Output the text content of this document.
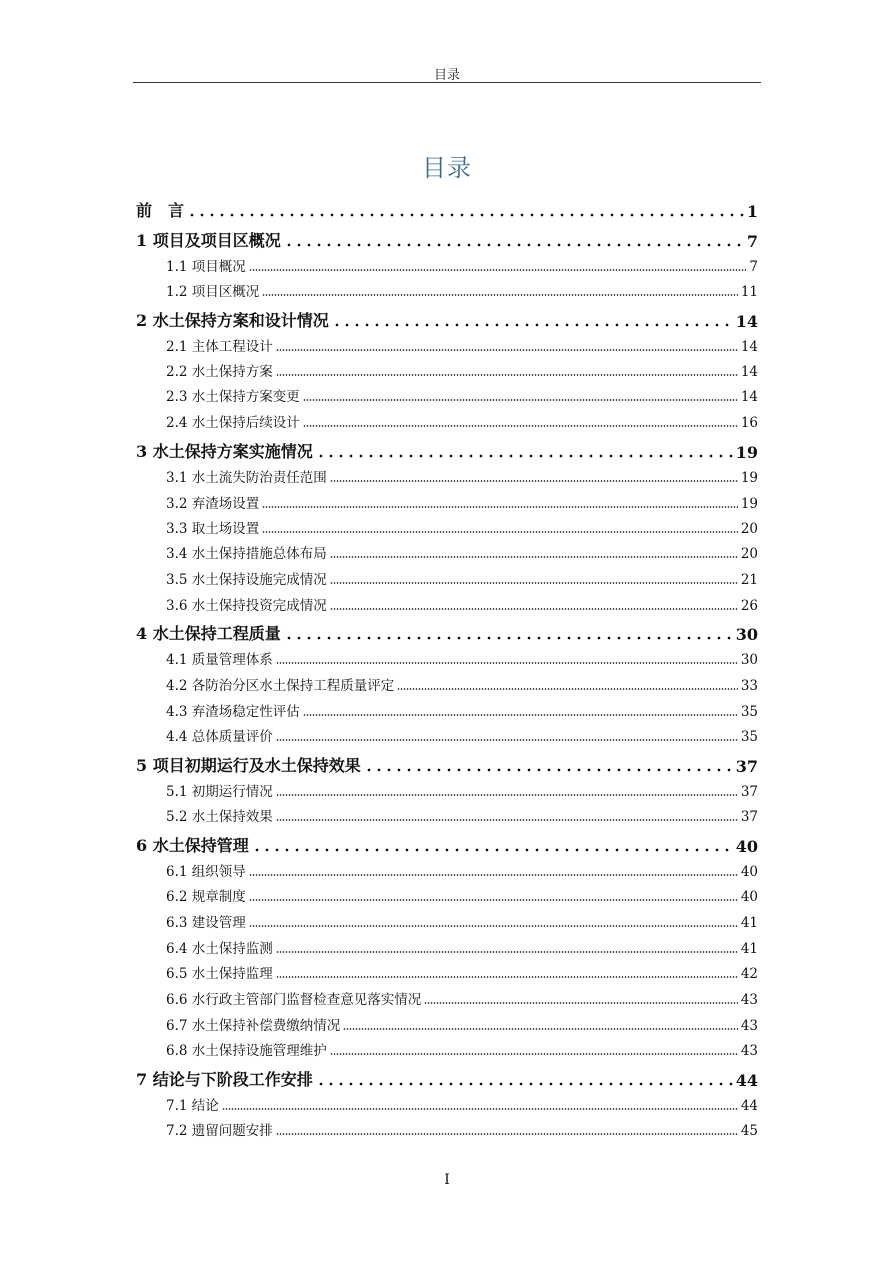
目录
目录
前　言	1
1 项目及项目区概况	7
1.1 项目概况	7
1.2 项目区概况	11
2 水土保持方案和设计情况	14
2.1 主体工程设计	14
2.2 水土保持方案	14
2.3 水土保持方案变更	14
2.4 水土保持后续设计	16
3 水土保持方案实施情况	19
3.1 水土流失防治责任范围	19
3.2 弃渣场设置	19
3.3 取土场设置	20
3.4 水土保持措施总体布局	20
3.5 水土保持设施完成情况	21
3.6 水土保持投资完成情况	26
4 水土保持工程质量	30
4.1 质量管理体系	30
4.2 各防治分区水土保持工程质量评定	33
4.3 弃渣场稳定性评估	35
4.4 总体质量评价	35
5 项目初期运行及水土保持效果	37
5.1 初期运行情况	37
5.2 水土保持效果	37
6 水土保持管理	40
6.1 组织领导	40
6.2 规章制度	40
6.3 建设管理	41
6.4 水土保持监测	41
6.5 水土保持监理	42
6.6 水行政主管部门监督检查意见落实情况	43
6.7 水土保持补偿费缴纳情况	43
6.8 水土保持设施管理维护	43
7 结论与下阶段工作安排	44
7.1 结论	44
7.2 遗留问题安排	45
I
